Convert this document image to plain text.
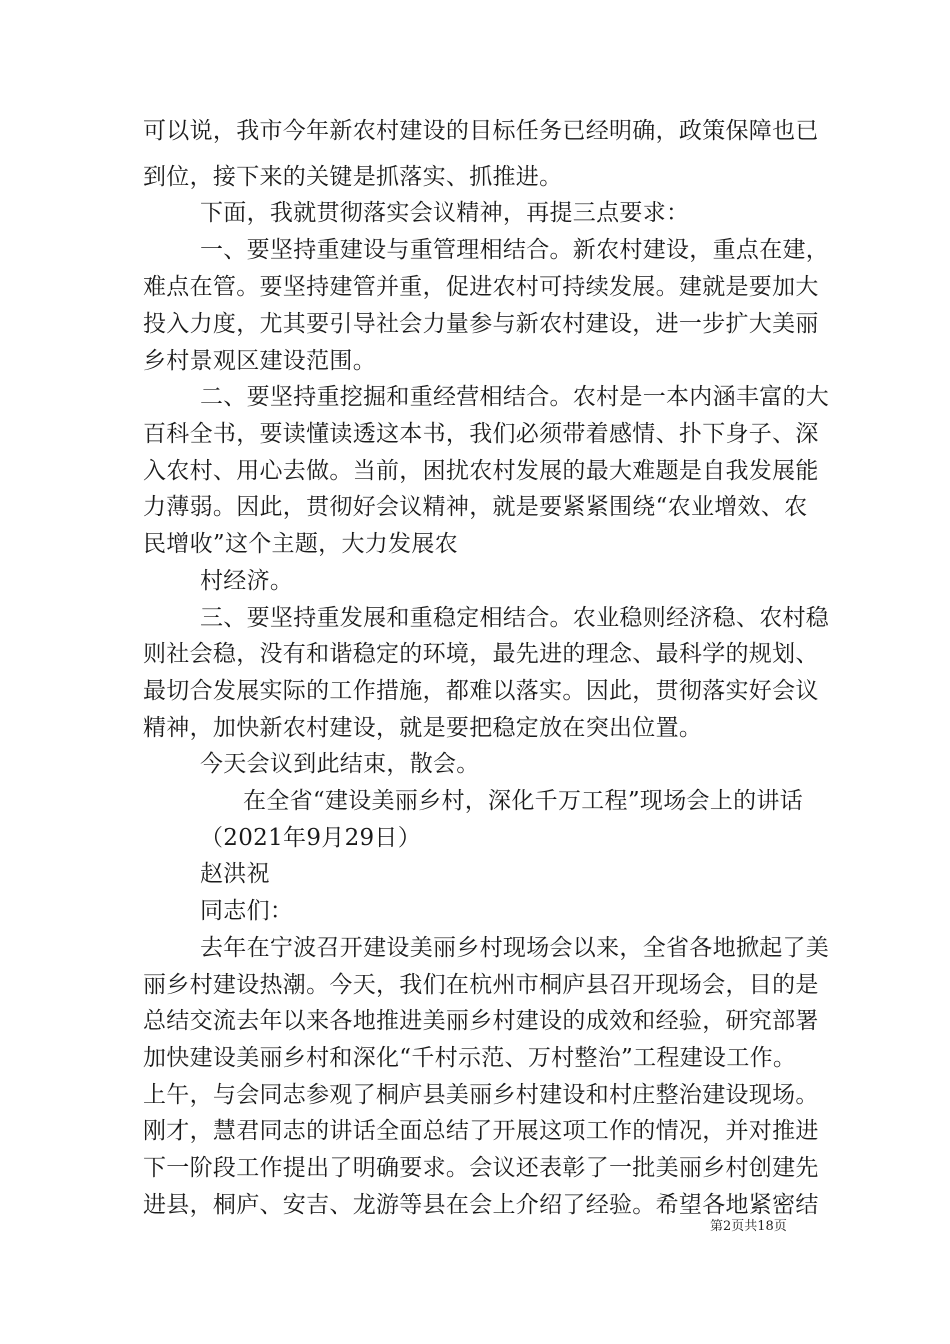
可以说，我市今年新农村建设的目标任务已经明确，政策保障也已
到位，接下来的关键是抓落实、抓推进。
下面，我就贯彻落实会议精神，再提三点要求：
一、要坚持重建设与重管理相结合。新农村建设，重点在建，
难点在管。要坚持建管并重，促进农村可持续发展。建就是要加大
投入力度，尤其要引导社会力量参与新农村建设，进一步扩大美丽
乡村景观区建设范围。
二、要坚持重挖掘和重经营相结合。农村是一本内涵丰富的大
百科全书，要读懂读透这本书，我们必须带着感情、扑下身子、深
入农村、用心去做。当前，困扰农村发展的最大难题是自我发展能
力薄弱。因此，贯彻好会议精神，就是要紧紧围绕“农业增效、农
民增收”这个主题，大力发展农
村经济。
三、要坚持重发展和重稳定相结合。农业稳则经济稳、农村稳
则社会稳，没有和谐稳定的环境，最先进的理念、最科学的规划、
最切合发展实际的工作措施，都难以落实。因此，贯彻落实好会议
精神，加快新农村建设，就是要把稳定放在突出位置。
今天会议到此结束，散会。
在全省“建设美丽乡村，深化千万工程”现场会上的讲话
（2021年9月29日）
赵洪祝
同志们：
去年在宁波召开建设美丽乡村现场会以来，全省各地掀起了美
丽乡村建设热潮。今天，我们在杭州市桐庐县召开现场会，目的是
总结交流去年以来各地推进美丽乡村建设的成效和经验，研究部署
加快建设美丽乡村和深化“千村示范、万村整治”工程建设工作。
上午，与会同志参观了桐庐县美丽乡村建设和村庄整治建设现场。
刚才，慧君同志的讲话全面总结了开展这项工作的情况，并对推进
下一阶段工作提出了明确要求。会议还表彰了一批美丽乡村创建先
进县，桐庐、安吉、龙游等县在会上介绍了经验。希望各地紧密结
第2页共18页
